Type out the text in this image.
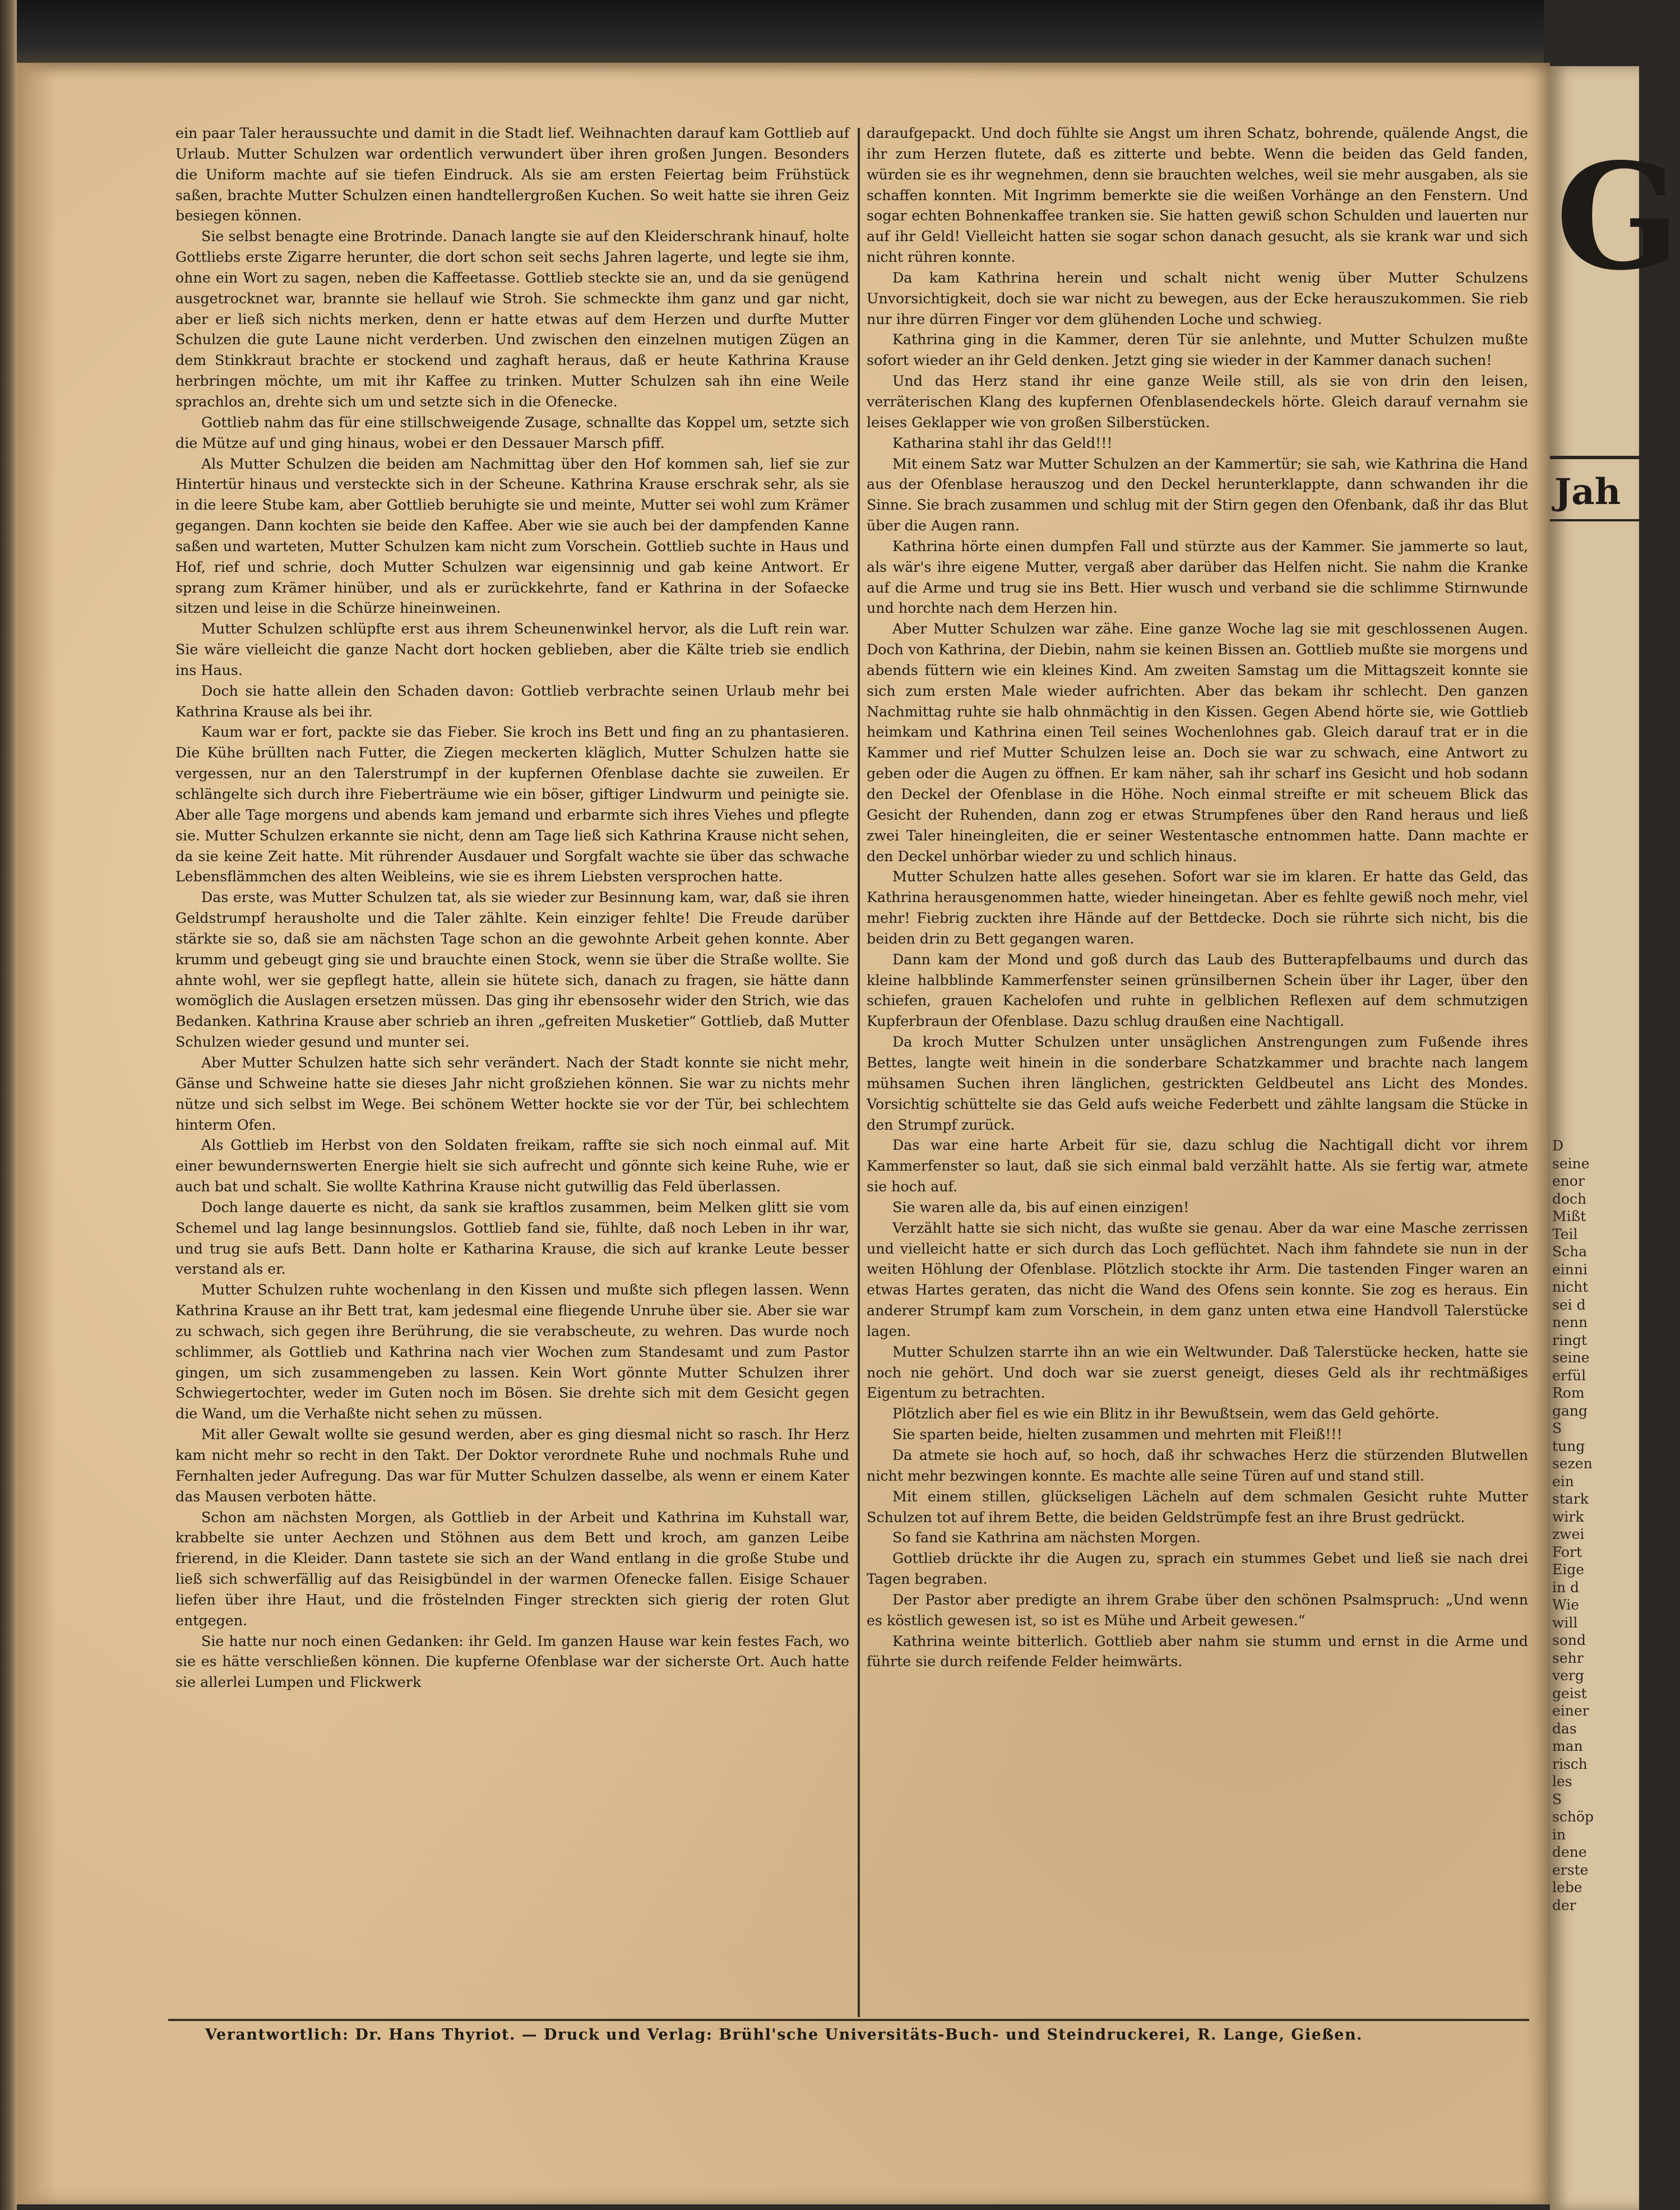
G
Jah
D
seine
enor
doch
Mißt
Teil
Scha
einni
nicht
sei d
nenn
ringt
seine
erfül
Rom
gang
S
tung
sezen
ein
stark
wirk
zwei
Fort
Eige
in d
Wie
will
sond
sehr
verg
geist
einer
das
man
risch
les
S
schöp
in
dene
erste
lebe
der

ein paar Taler heraussuchte und damit in die Stadt lief. Weihnachten darauf kam Gottlieb auf Urlaub. Mutter Schulzen war ordentlich verwundert über ihren großen Jungen. Besonders die Uniform machte auf sie tiefen Eindruck. Als sie am ersten Feiertag beim Frühstück saßen, brachte Mutter Schulzen einen handtellergroßen Kuchen. So weit hatte sie ihren Geiz besiegen können.

Sie selbst benagte eine Brotrinde. Danach langte sie auf den Kleiderschrank hinauf, holte Gottliebs erste Zigarre herunter, die dort schon seit sechs Jahren lagerte, und legte sie ihm, ohne ein Wort zu sagen, neben die Kaffeetasse. Gottlieb steckte sie an, und da sie genügend ausgetrocknet war, brannte sie hellauf wie Stroh. Sie schmeckte ihm ganz und gar nicht, aber er ließ sich nichts merken, denn er hatte etwas auf dem Herzen und durfte Mutter Schulzen die gute Laune nicht verderben. Und zwischen den einzelnen mutigen Zügen an dem Stinkkraut brachte er stockend und zaghaft heraus, daß er heute Kathrina Krause herbringen möchte, um mit ihr Kaffee zu trinken. Mutter Schulzen sah ihn eine Weile sprachlos an, drehte sich um und setzte sich in die Ofenecke.

Gottlieb nahm das für eine stillschweigende Zusage, schnallte das Koppel um, setzte sich die Mütze auf und ging hinaus, wobei er den Dessauer Marsch pfiff.

Als Mutter Schulzen die beiden am Nachmittag über den Hof kommen sah, lief sie zur Hintertür hinaus und versteckte sich in der Scheune. Kathrina Krause erschrak sehr, als sie in die leere Stube kam, aber Gottlieb beruhigte sie und meinte, Mutter sei wohl zum Krämer gegangen. Dann kochten sie beide den Kaffee. Aber wie sie auch bei der dampfenden Kanne saßen und warteten, Mutter Schulzen kam nicht zum Vorschein. Gottlieb suchte in Haus und Hof, rief und schrie, doch Mutter Schulzen war eigensinnig und gab keine Antwort. Er sprang zum Krämer hinüber, und als er zurückkehrte, fand er Kathrina in der Sofaecke sitzen und leise in die Schürze hineinweinen.

Mutter Schulzen schlüpfte erst aus ihrem Scheunenwinkel hervor, als die Luft rein war. Sie wäre vielleicht die ganze Nacht dort hocken geblieben, aber die Kälte trieb sie endlich ins Haus.

Doch sie hatte allein den Schaden davon: Gottlieb verbrachte seinen Urlaub mehr bei Kathrina Krause als bei ihr.

Kaum war er fort, packte sie das Fieber. Sie kroch ins Bett und fing an zu phantasieren. Die Kühe brüllten nach Futter, die Ziegen meckerten kläglich, Mutter Schulzen hatte sie vergessen, nur an den Talerstrumpf in der kupfernen Ofenblase dachte sie zuweilen. Er schlängelte sich durch ihre Fieberträume wie ein böser, giftiger Lindwurm und peinigte sie. Aber alle Tage morgens und abends kam jemand und erbarmte sich ihres Viehes und pflegte sie. Mutter Schulzen erkannte sie nicht, denn am Tage ließ sich Kathrina Krause nicht sehen, da sie keine Zeit hatte. Mit rührender Ausdauer und Sorgfalt wachte sie über das schwache Lebensflämmchen des alten Weibleins, wie sie es ihrem Liebsten versprochen hatte.

Das erste, was Mutter Schulzen tat, als sie wieder zur Besinnung kam, war, daß sie ihren Geldstrumpf herausholte und die Taler zählte. Kein einziger fehlte! Die Freude darüber stärkte sie so, daß sie am nächsten Tage schon an die gewohnte Arbeit gehen konnte. Aber krumm und gebeugt ging sie und brauchte einen Stock, wenn sie über die Straße wollte. Sie ahnte wohl, wer sie gepflegt hatte, allein sie hütete sich, danach zu fragen, sie hätte dann womöglich die Auslagen ersetzen müssen. Das ging ihr ebensosehr wider den Strich, wie das Bedanken. Kathrina Krause aber schrieb an ihren „gefreiten Musketier“ Gottlieb, daß Mutter Schulzen wieder gesund und munter sei.

Aber Mutter Schulzen hatte sich sehr verändert. Nach der Stadt konnte sie nicht mehr, Gänse und Schweine hatte sie dieses Jahr nicht großziehen können. Sie war zu nichts mehr nütze und sich selbst im Wege. Bei schönem Wetter hockte sie vor der Tür, bei schlechtem hinterm Ofen.

Als Gottlieb im Herbst von den Soldaten freikam, raffte sie sich noch einmal auf. Mit einer bewundernswerten Energie hielt sie sich aufrecht und gönnte sich keine Ruhe, wie er auch bat und schalt. Sie wollte Kathrina Krause nicht gutwillig das Feld überlassen.

Doch lange dauerte es nicht, da sank sie kraftlos zusammen, beim Melken glitt sie vom Schemel und lag lange besinnungslos. Gottlieb fand sie, fühlte, daß noch Leben in ihr war, und trug sie aufs Bett. Dann holte er Katharina Krause, die sich auf kranke Leute besser verstand als er.

Mutter Schulzen ruhte wochenlang in den Kissen und mußte sich pflegen lassen. Wenn Kathrina Krause an ihr Bett trat, kam jedesmal eine fliegende Unruhe über sie. Aber sie war zu schwach, sich gegen ihre Berührung, die sie verabscheute, zu wehren. Das wurde noch schlimmer, als Gottlieb und Kathrina nach vier Wochen zum Standesamt und zum Pastor gingen, um sich zusammengeben zu lassen. Kein Wort gönnte Mutter Schulzen ihrer Schwiegertochter, weder im Guten noch im Bösen. Sie drehte sich mit dem Gesicht gegen die Wand, um die Verhaßte nicht sehen zu müssen.

Mit aller Gewalt wollte sie gesund werden, aber es ging diesmal nicht so rasch. Ihr Herz kam nicht mehr so recht in den Takt. Der Doktor verordnete Ruhe und nochmals Ruhe und Fernhalten jeder Aufregung. Das war für Mutter Schulzen dasselbe, als wenn er einem Kater das Mausen verboten hätte.

Schon am nächsten Morgen, als Gottlieb in der Arbeit und Kathrina im Kuhstall war, krabbelte sie unter Aechzen und Stöhnen aus dem Bett und kroch, am ganzen Leibe frierend, in die Kleider. Dann tastete sie sich an der Wand entlang in die große Stube und ließ sich schwerfällig auf das Reisigbündel in der warmen Ofenecke fallen. Eisige Schauer liefen über ihre Haut, und die fröstelnden Finger streckten sich gierig der roten Glut entgegen.

Sie hatte nur noch einen Gedanken: ihr Geld. Im ganzen Hause war kein festes Fach, wo sie es hätte verschließen können. Die kupferne Ofenblase war der sicherste Ort. Auch hatte sie allerlei Lumpen und Flickwerk

daraufgepackt. Und doch fühlte sie Angst um ihren Schatz, bohrende, quälende Angst, die ihr zum Herzen flutete, daß es zitterte und bebte. Wenn die beiden das Geld fanden, würden sie es ihr wegnehmen, denn sie brauchten welches, weil sie mehr ausgaben, als sie schaffen konnten. Mit Ingrimm bemerkte sie die weißen Vorhänge an den Fenstern. Und sogar echten Bohnenkaffee tranken sie. Sie hatten gewiß schon Schulden und lauerten nur auf ihr Geld! Vielleicht hatten sie sogar schon danach gesucht, als sie krank war und sich nicht rühren konnte.

Da kam Kathrina herein und schalt nicht wenig über Mutter Schulzens Unvorsichtigkeit, doch sie war nicht zu bewegen, aus der Ecke herauszukommen. Sie rieb nur ihre dürren Finger vor dem glühenden Loche und schwieg.

Kathrina ging in die Kammer, deren Tür sie anlehnte, und Mutter Schulzen mußte sofort wieder an ihr Geld denken. Jetzt ging sie wieder in der Kammer danach suchen!

Und das Herz stand ihr eine ganze Weile still, als sie von drin den leisen, verräterischen Klang des kupfernen Ofenblasendeckels hörte. Gleich darauf vernahm sie leises Geklapper wie von großen Silberstücken.

Katharina stahl ihr das Geld!!!

Mit einem Satz war Mutter Schulzen an der Kammertür; sie sah, wie Kathrina die Hand aus der Ofenblase herauszog und den Deckel herunterklappte, dann schwanden ihr die Sinne. Sie brach zusammen und schlug mit der Stirn gegen den Ofenbank, daß ihr das Blut über die Augen rann.

Kathrina hörte einen dumpfen Fall und stürzte aus der Kammer. Sie jammerte so laut, als wär's ihre eigene Mutter, vergaß aber darüber das Helfen nicht. Sie nahm die Kranke auf die Arme und trug sie ins Bett. Hier wusch und verband sie die schlimme Stirnwunde und horchte nach dem Herzen hin.

Aber Mutter Schulzen war zähe. Eine ganze Woche lag sie mit geschlossenen Augen. Doch von Kathrina, der Diebin, nahm sie keinen Bissen an. Gottlieb mußte sie morgens und abends füttern wie ein kleines Kind. Am zweiten Samstag um die Mittagszeit konnte sie sich zum ersten Male wieder aufrichten. Aber das bekam ihr schlecht. Den ganzen Nachmittag ruhte sie halb ohnmächtig in den Kissen. Gegen Abend hörte sie, wie Gottlieb heimkam und Kathrina einen Teil seines Wochenlohnes gab. Gleich darauf trat er in die Kammer und rief Mutter Schulzen leise an. Doch sie war zu schwach, eine Antwort zu geben oder die Augen zu öffnen. Er kam näher, sah ihr scharf ins Gesicht und hob sodann den Deckel der Ofenblase in die Höhe. Noch einmal streifte er mit scheuem Blick das Gesicht der Ruhenden, dann zog er etwas Strumpfenes über den Rand heraus und ließ zwei Taler hineingleiten, die er seiner Westentasche entnommen hatte. Dann machte er den Deckel unhörbar wieder zu und schlich hinaus.

Mutter Schulzen hatte alles gesehen. Sofort war sie im klaren. Er hatte das Geld, das Kathrina herausgenommen hatte, wieder hineingetan. Aber es fehlte gewiß noch mehr, viel mehr! Fiebrig zuckten ihre Hände auf der Bettdecke. Doch sie rührte sich nicht, bis die beiden drin zu Bett gegangen waren.

Dann kam der Mond und goß durch das Laub des Butterapfelbaums und durch das kleine halbblinde Kammerfenster seinen grünsilbernen Schein über ihr Lager, über den schiefen, grauen Kachelofen und ruhte in gelblichen Reflexen auf dem schmutzigen Kupferbraun der Ofenblase. Dazu schlug draußen eine Nachtigall.

Da kroch Mutter Schulzen unter unsäglichen Anstrengungen zum Fußende ihres Bettes, langte weit hinein in die sonderbare Schatzkammer und brachte nach langem mühsamen Suchen ihren länglichen, gestrickten Geldbeutel ans Licht des Mondes. Vorsichtig schüttelte sie das Geld aufs weiche Federbett und zählte langsam die Stücke in den Strumpf zurück.

Das war eine harte Arbeit für sie, dazu schlug die Nachtigall dicht vor ihrem Kammerfenster so laut, daß sie sich einmal bald verzählt hatte. Als sie fertig war, atmete sie hoch auf.

Sie waren alle da, bis auf einen einzigen!

Verzählt hatte sie sich nicht, das wußte sie genau. Aber da war eine Masche zerrissen und vielleicht hatte er sich durch das Loch geflüchtet. Nach ihm fahndete sie nun in der weiten Höhlung der Ofenblase. Plötzlich stockte ihr Arm. Die tastenden Finger waren an etwas Hartes geraten, das nicht die Wand des Ofens sein konnte. Sie zog es heraus. Ein anderer Strumpf kam zum Vorschein, in dem ganz unten etwa eine Handvoll Talerstücke lagen.

Mutter Schulzen starrte ihn an wie ein Weltwunder. Daß Talerstücke hecken, hatte sie noch nie gehört. Und doch war sie zuerst geneigt, dieses Geld als ihr rechtmäßiges Eigentum zu betrachten.

Plötzlich aber fiel es wie ein Blitz in ihr Bewußtsein, wem das Geld gehörte.

Sie sparten beide, hielten zusammen und mehrten mit Fleiß!!!

Da atmete sie hoch auf, so hoch, daß ihr schwaches Herz die stürzenden Blutwellen nicht mehr bezwingen konnte. Es machte alle seine Türen auf und stand still.

Mit einem stillen, glückseligen Lächeln auf dem schmalen Gesicht ruhte Mutter Schulzen tot auf ihrem Bette, die beiden Geldstrümpfe fest an ihre Brust gedrückt.

So fand sie Kathrina am nächsten Morgen.

Gottlieb drückte ihr die Augen zu, sprach ein stummes Gebet und ließ sie nach drei Tagen begraben.

Der Pastor aber predigte an ihrem Grabe über den schönen Psalmspruch: „Und wenn es köstlich gewesen ist, so ist es Mühe und Arbeit gewesen.“

Kathrina weinte bitterlich. Gottlieb aber nahm sie stumm und ernst in die Arme und führte sie durch reifende Felder heimwärts.

Verantwortlich: Dr. Hans Thyriot. — Druck und Verlag: Brühl'sche Universitäts-Buch- und Steindruckerei, R. Lange, Gießen.
